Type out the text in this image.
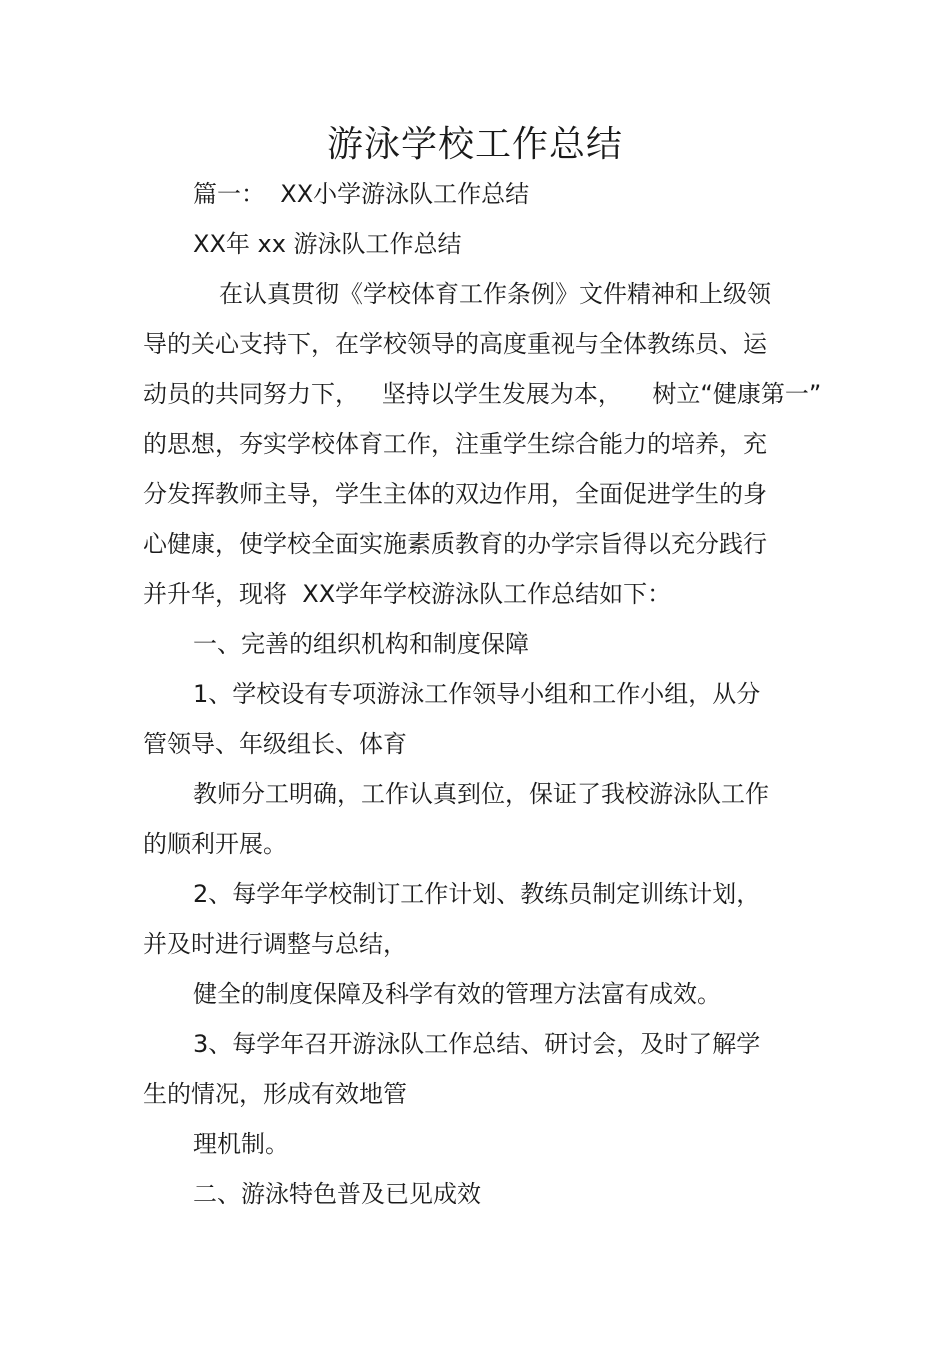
游泳学校工作总结
篇一：  XX小学游泳队工作总结
XX年 xx 游泳队工作总结
在认真贯彻《学校体育工作条例》文件精神和上级领
导的关心支持下，在学校领导的高度重视与全体教练员、运
动员的共同努力下，   坚持以学生发展为本，    树立“健康第一”
的思想，夯实学校体育工作，注重学生综合能力的培养，充
分发挥教师主导，学生主体的双边作用，全面促进学生的身
心健康，使学校全面实施素质教育的办学宗旨得以充分践行
并升华，现将  XX学年学校游泳队工作总结如下：
一、完善的组织机构和制度保障
1、学校设有专项游泳工作领导小组和工作小组，从分
管领导、年级组长、体育
教师分工明确，工作认真到位，保证了我校游泳队工作
的顺利开展。
2、每学年学校制订工作计划、教练员制定训练计划，
并及时进行调整与总结，
健全的制度保障及科学有效的管理方法富有成效。
3、每学年召开游泳队工作总结、研讨会，及时了解学
生的情况，形成有效地管
理机制。
二、游泳特色普及已见成效
